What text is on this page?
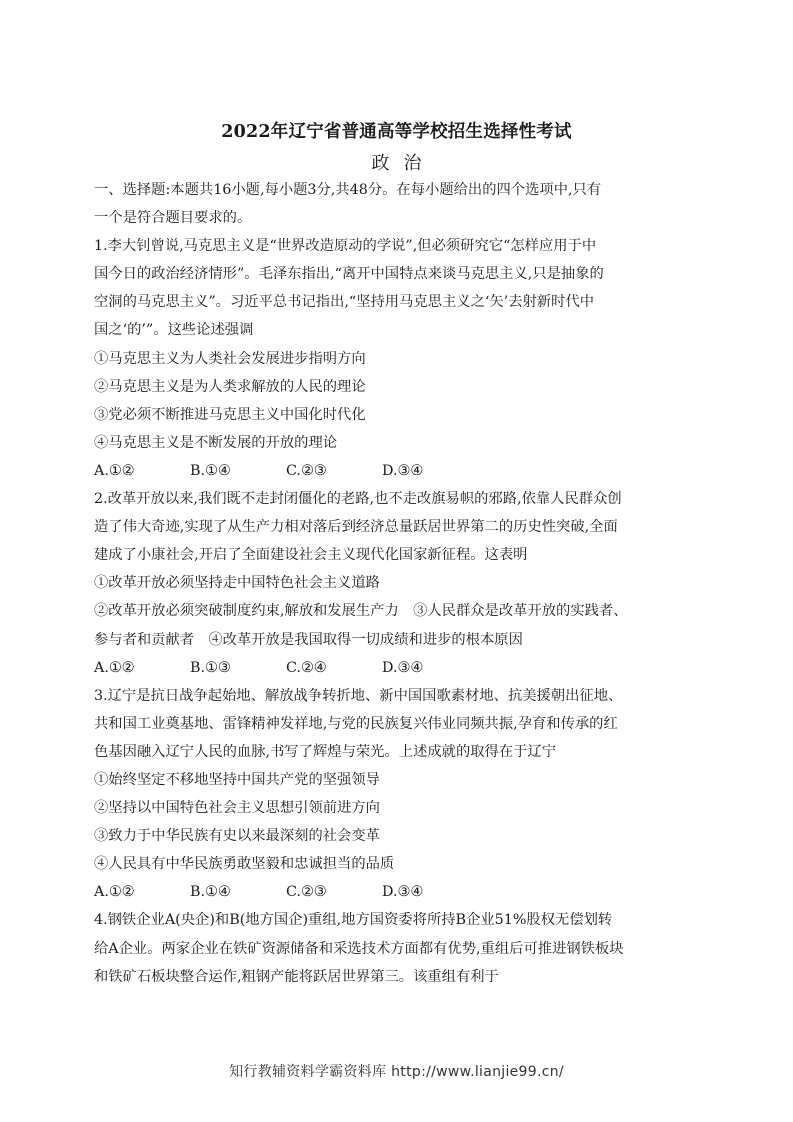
2022年辽宁省普通高等学校招生选择性考试
政治
一、选择题:本题共16小题,每小题3分,共48分。在每小题给出的四个选项中,只有
一个是符合题目要求的。
1.李大钊曾说,马克思主义是“世界改造原动的学说”,但必须研究它“怎样应用于中
国今日的政治经济情形”。毛泽东指出,“离开中国特点来谈马克思主义,只是抽象的
空洞的马克思主义”。习近平总书记指出,“坚持用马克思主义之‘矢’去射新时代中
国之‘的’”。这些论述强调
①马克思主义为人类社会发展进步指明方向
②马克思主义是为人类求解放的人民的理论
③党必须不断推进马克思主义中国化时代化
④马克思主义是不断发展的开放的理论
A.①②	B.①④	C.②③	D.③④
2.改革开放以来,我们既不走封闭僵化的老路,也不走改旗易帜的邪路,依靠人民群众创
造了伟大奇迹,实现了从生产力相对落后到经济总量跃居世界第二的历史性突破,全面
建成了小康社会,开启了全面建设社会主义现代化国家新征程。这表明
①改革开放必须坚持走中国特色社会主义道路
②改革开放必须突破制度约束,解放和发展生产力　③人民群众是改革开放的实践者、
参与者和贡献者　④改革开放是我国取得一切成绩和进步的根本原因
A.①②	B.①③	C.②④	D.③④
3.辽宁是抗日战争起始地、解放战争转折地、新中国国歌素材地、抗美援朝出征地、
共和国工业奠基地、雷锋精神发祥地,与党的民族复兴伟业同频共振,孕育和传承的红
色基因融入辽宁人民的血脉,书写了辉煌与荣光。上述成就的取得在于辽宁
①始终坚定不移地坚持中国共产党的坚强领导
②坚持以中国特色社会主义思想引领前进方向
③致力于中华民族有史以来最深刻的社会变革
④人民具有中华民族勇敢坚毅和忠诚担当的品质
A.①②	B.①④	C.②③	D.③④
4.钢铁企业A(央企)和B(地方国企)重组,地方国资委将所持B企业51%股权无偿划转
给A企业。两家企业在铁矿资源储备和采选技术方面都有优势,重组后可推进钢铁板块
和铁矿石板块整合运作,粗钢产能将跃居世界第三。该重组有利于
知行教辅资料学霸资料库 http://www.lianjie99.cn/
